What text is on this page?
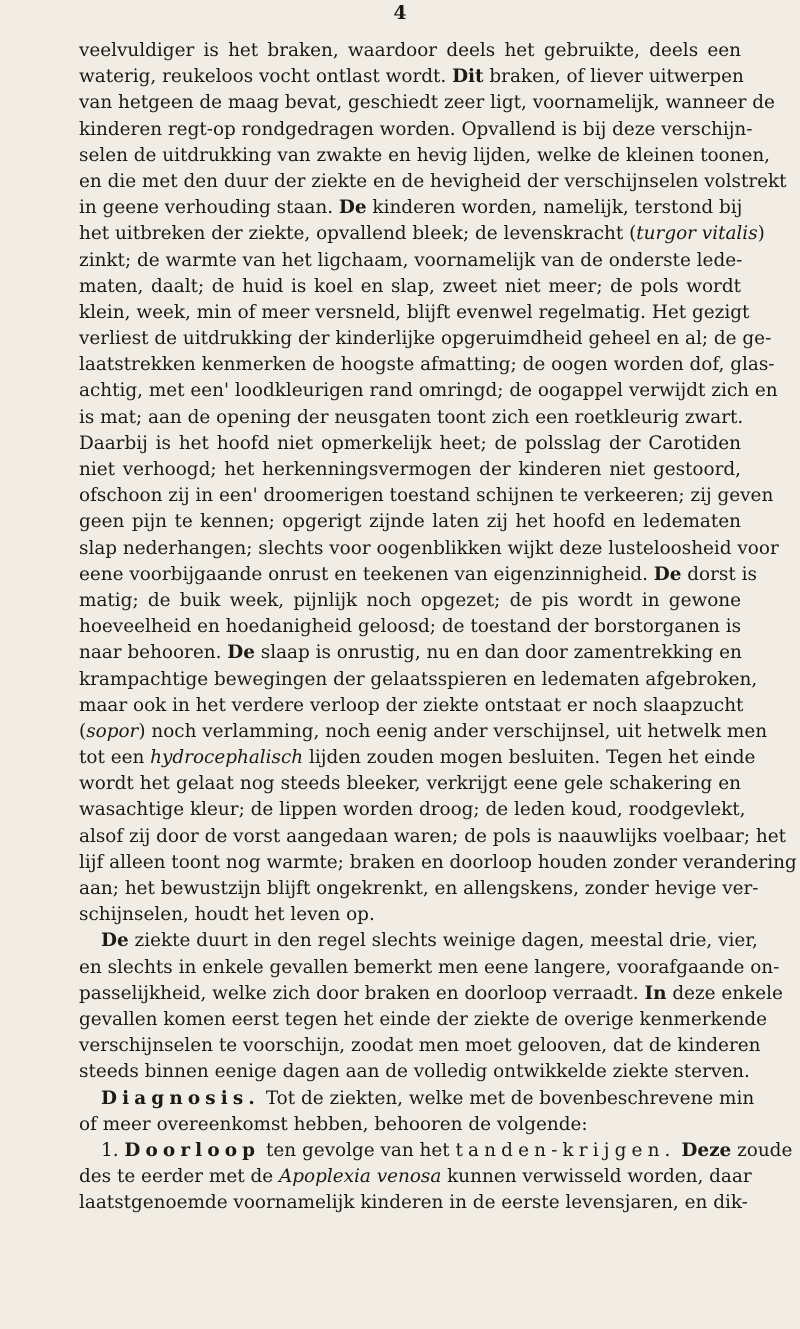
4
veelvuldiger is het braken, waardoor deels het gebruikte, deels een
waterig, reukeloos vocht ontlast wordt. Dit braken, of liever uitwerpen
van hetgeen de maag bevat, geschiedt zeer ligt, voornamelijk, wanneer de
kinderen regt-op rondgedragen worden. Opvallend is bij deze verschijn-
selen de uitdrukking van zwakte en hevig lijden, welke de kleinen toonen,
en die met den duur der ziekte en de hevigheid der verschijnselen volstrekt
in geene verhouding staan. De kinderen worden, namelijk, terstond bij
het uitbreken der ziekte, opvallend bleek; de levenskracht (turgor vitalis)
zinkt; de warmte van het ligchaam, voornamelijk van de onderste lede-
maten, daalt; de huid is koel en slap, zweet niet meer; de pols wordt
klein, week, min of meer versneld, blijft evenwel regelmatig. Het gezigt
verliest de uitdrukking der kinderlijke opgeruimdheid geheel en al; de ge-
laatstrekken kenmerken de hoogste afmatting; de oogen worden dof, glas-
achtig, met een' loodkleurigen rand omringd; de oogappel verwijdt zich en
is mat; aan de opening der neusgaten toont zich een roetkleurig zwart.
Daarbij is het hoofd niet opmerkelijk heet; de polsslag der Carotiden
niet verhoogd; het herkenningsvermogen der kinderen niet gestoord,
ofschoon zij in een' droomerigen toestand schijnen te verkeeren; zij geven
geen pijn te kennen; opgerigt zijnde laten zij het hoofd en ledematen
slap nederhangen; slechts voor oogenblikken wijkt deze lusteloosheid voor
eene voorbijgaande onrust en teekenen van eigenzinnigheid. De dorst is
matig; de buik week, pijnlijk noch opgezet; de pis wordt in gewone
hoeveelheid en hoedanigheid geloosd; de toestand der borstorganen is
naar behooren. De slaap is onrustig, nu en dan door zamentrekking en
krampachtige bewegingen der gelaatsspieren en ledematen afgebroken,
maar ook in het verdere verloop der ziekte ontstaat er noch slaapzucht
(sopor) noch verlamming, noch eenig ander verschijnsel, uit hetwelk men
tot een hydrocephalisch lijden zouden mogen besluiten. Tegen het einde
wordt het gelaat nog steeds bleeker, verkrijgt eene gele schakering en
wasachtige kleur; de lippen worden droog; de leden koud, roodgevlekt,
alsof zij door de vorst aangedaan waren; de pols is naauwlijks voelbaar; het
lijf alleen toont nog warmte; braken en doorloop houden zonder verandering
aan; het bewustzijn blijft ongekrenkt, en allengskens, zonder hevige ver-
schijnselen, houdt het leven op.
De ziekte duurt in den regel slechts weinige dagen, meestal drie, vier,
en slechts in enkele gevallen bemerkt men eene langere, voorafgaande on-
passelijkheid, welke zich door braken en doorloop verraadt. In deze enkele
gevallen komen eerst tegen het einde der ziekte de overige kenmerkende
verschijnselen te voorschijn, zoodat men moet gelooven, dat de kinderen
steeds binnen eenige dagen aan de volledig ontwikkelde ziekte sterven.
Diagnosis. Tot de ziekten, welke met de bovenbeschrevene min
of meer overeenkomst hebben, behooren de volgende:
1. Doorloop ten gevolge van het tanden-krijgen. Deze zoude
des te eerder met de Apoplexia venosa kunnen verwisseld worden, daar
laatstgenoemde voornamelijk kinderen in de eerste levensjaren, en dik-
